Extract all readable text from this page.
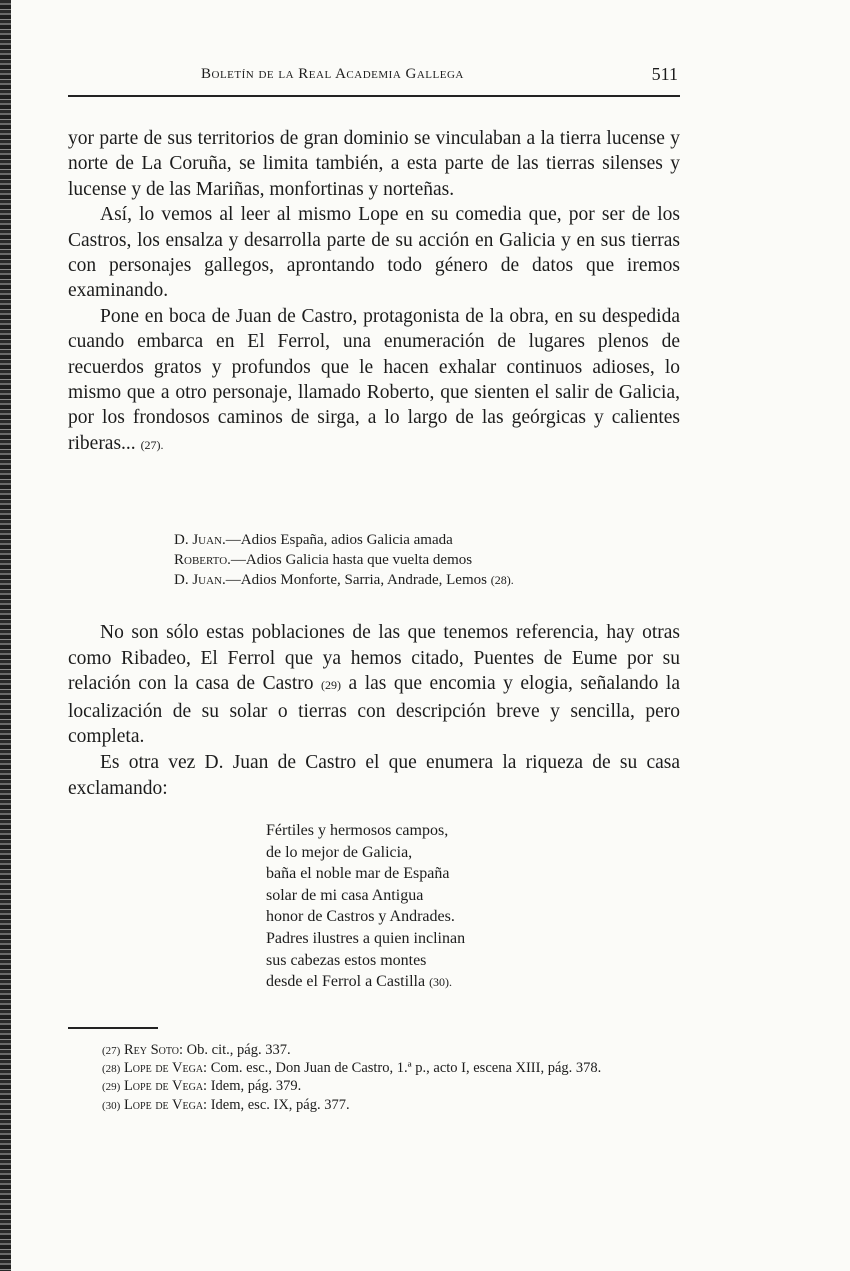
Boletín de la Real Academia Gallega	511

yor parte de sus territorios de gran dominio se vinculaban a la tierra lucense y norte de La Coruña, se limita también, a esta parte de las tierras silenses y lucense y de las Mariñas, monfortinas y norteñas.

Así, lo vemos al leer al mismo Lope en su comedia que, por ser de los Castros, los ensalza y desarrolla parte de su acción en Galicia y en sus tierras con personajes gallegos, aprontando todo género de datos que iremos examinando.

Pone en boca de Juan de Castro, protagonista de la obra, en su despedida cuando embarca en El Ferrol, una enumeración de lugares plenos de recuerdos gratos y profundos que le hacen exhalar continuos adioses, lo mismo que a otro personaje, llamado Roberto, que sienten el salir de Galicia, por los frondosos caminos de sirga, a lo largo de las geórgicas y calientes riberas... (27).

D. Juan.—Adios España, adios Galicia amada
Roberto.—Adios Galicia hasta que vuelta demos
D. Juan.—Adios Monforte, Sarria, Andrade, Lemos (28).

No son sólo estas poblaciones de las que tenemos referencia, hay otras como Ribadeo, El Ferrol que ya hemos citado, Puentes de Eume por su relación con la casa de Castro (29) a las que encomia y elogia, señalando la localización de su solar o tierras con descripción breve y sencilla, pero completa.

Es otra vez D. Juan de Castro el que enumera la riqueza de su casa exclamando:

Fértiles y hermosos campos,
de lo mejor de Galicia,
baña el noble mar de España
solar de mi casa Antigua
honor de Castros y Andrades.
Padres ilustres a quien inclinan
sus cabezas estos montes
desde el Ferrol a Castilla (30).
(27) Rey Soto: Ob. cit., pág. 337.
(28) Lope de Vega: Com. esc., Don Juan de Castro, 1.ª p., acto I, escena XIII, pág. 378.
(29) Lope de Vega: Idem, pág. 379.
(30) Lope de Vega: Idem, esc. IX, pág. 377.
